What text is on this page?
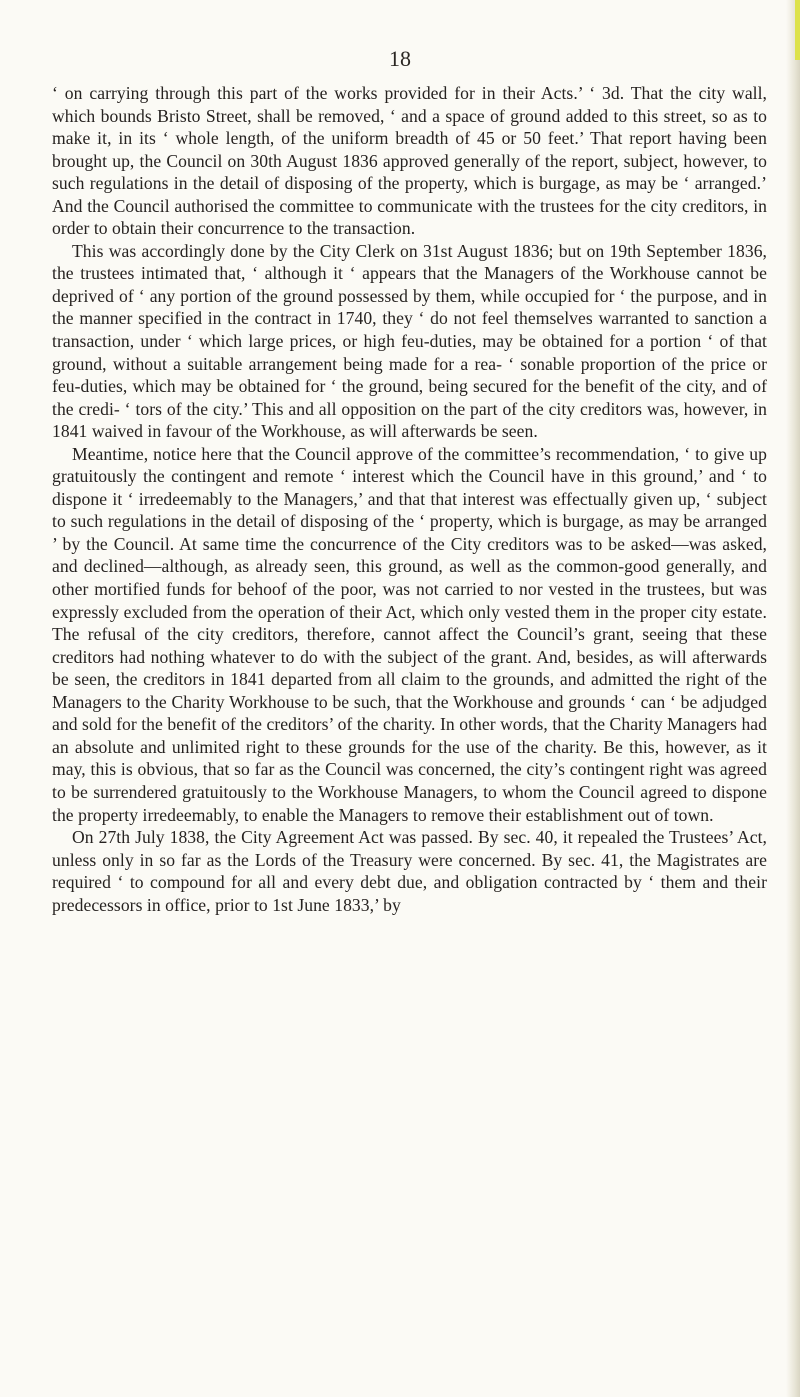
18

‘ on carrying through this part of the works provided for in their Acts.’ ‘ 3d. That the city wall, which bounds Bristo Street, shall be removed, ‘ and a space of ground added to this street, so as to make it, in its ‘ whole length, of the uniform breadth of 45 or 50 feet.’ That report having been brought up, the Council on 30th August 1836 approved generally of the report, subject, however, to such regulations in the detail of disposing of the property, which is burgage, as may be ‘ arranged.’ And the Council authorised the committee to communicate with the trustees for the city creditors, in order to obtain their concurrence to the transaction.

This was accordingly done by the City Clerk on 31st August 1836; but on 19th September 1836, the trustees intimated that, ‘ although it ‘ appears that the Managers of the Workhouse cannot be deprived of ‘ any portion of the ground possessed by them, while occupied for ‘ the purpose, and in the manner specified in the contract in 1740, they ‘ do not feel themselves warranted to sanction a transaction, under ‘ which large prices, or high feu-duties, may be obtained for a portion ‘ of that ground, without a suitable arrangement being made for a rea- ‘ sonable proportion of the price or feu-duties, which may be obtained for ‘ the ground, being secured for the benefit of the city, and of the credi- ‘ tors of the city.’ This and all opposition on the part of the city creditors was, however, in 1841 waived in favour of the Workhouse, as will afterwards be seen.

Meantime, notice here that the Council approve of the committee’s recommendation, ‘ to give up gratuitously the contingent and remote ‘ interest which the Council have in this ground,’ and ‘ to dispone it ‘ irredeemably to the Managers,’ and that that interest was effectually given up, ‘ subject to such regulations in the detail of disposing of the ‘ property, which is burgage, as may be arranged ’ by the Council. At same time the concurrence of the City creditors was to be asked—was asked, and declined—although, as already seen, this ground, as well as the common-good generally, and other mortified funds for behoof of the poor, was not carried to nor vested in the trustees, but was expressly excluded from the operation of their Act, which only vested them in the proper city estate. The refusal of the city creditors, therefore, cannot affect the Council’s grant, seeing that these creditors had nothing whatever to do with the subject of the grant. And, besides, as will afterwards be seen, the creditors in 1841 departed from all claim to the grounds, and admitted the right of the Managers to the Charity Workhouse to be such, that the Workhouse and grounds ‘ can ‘ be adjudged and sold for the benefit of the creditors’ of the charity. In other words, that the Charity Managers had an absolute and unlimited right to these grounds for the use of the charity. Be this, however, as it may, this is obvious, that so far as the Council was concerned, the city’s contingent right was agreed to be surrendered gratuitously to the Workhouse Managers, to whom the Council agreed to dispone the property irredeemably, to enable the Managers to remove their establishment out of town.

On 27th July 1838, the City Agreement Act was passed. By sec. 40, it repealed the Trustees’ Act, unless only in so far as the Lords of the Treasury were concerned. By sec. 41, the Magistrates are required ‘ to compound for all and every debt due, and obligation contracted by ‘ them and their predecessors in office, prior to 1st June 1833,’ by
